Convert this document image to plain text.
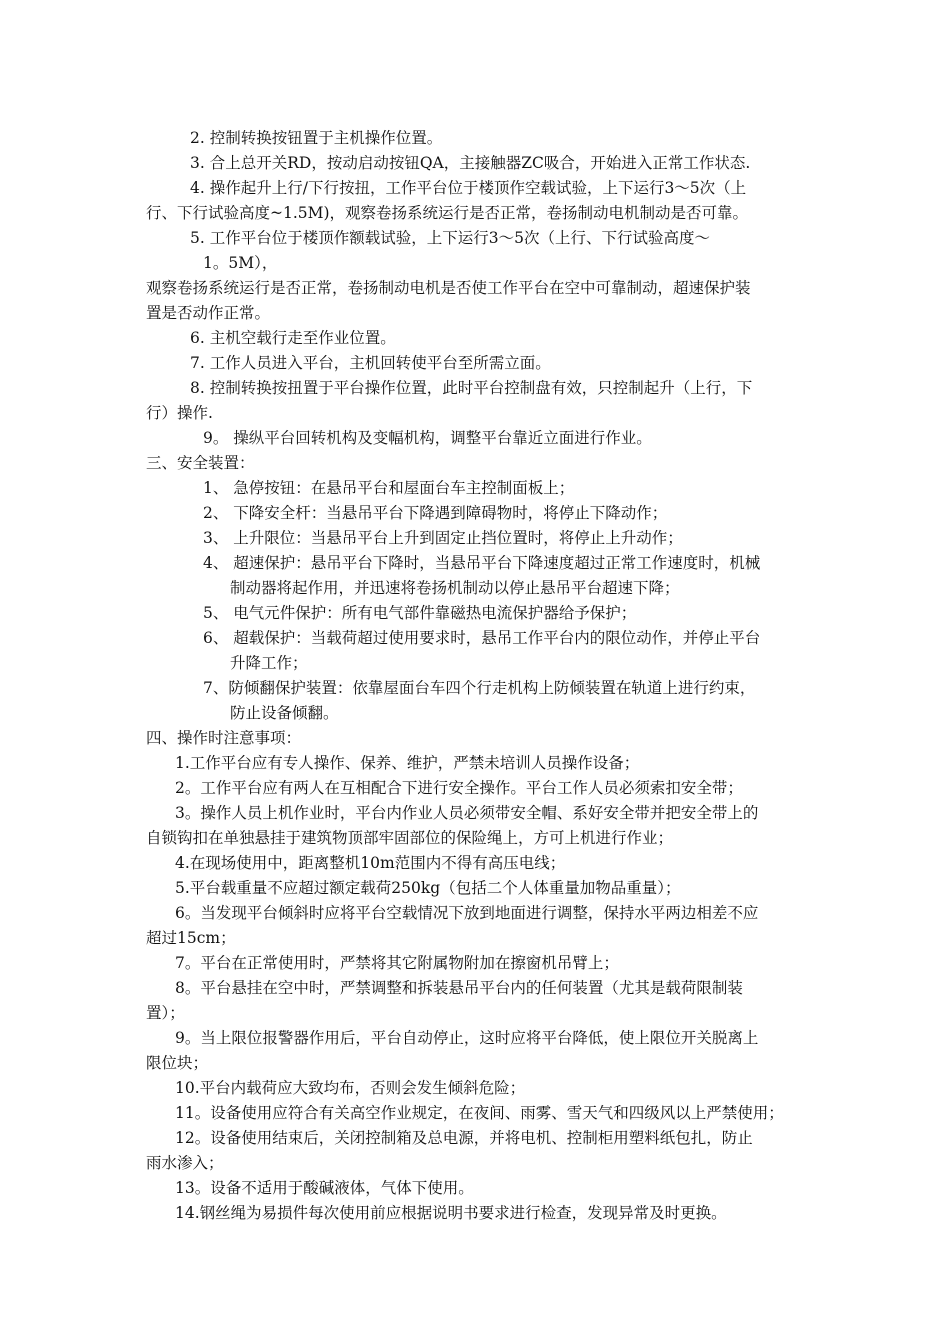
2. 控制转换按钮置于主机操作位置。

3. 合上总开关RD，按动启动按钮QA，主接触器ZC吸合，开始进入正常工作状态.

4. 操作起升上行/下行按扭，工作平台位于楼顶作空载试验，上下运行3～5次（上

行、下行试验高度~1.5M)，观察卷扬系统运行是否正常，卷扬制动电机制动是否可靠。

5. 工作平台位于楼顶作额载试验，上下运行3～5次（上行、下行试验高度～

1。5M），

观察卷扬系统运行是否正常，卷扬制动电机是否使工作平台在空中可靠制动，超速保护装

置是否动作正常。

6. 主机空载行走至作业位置。

7. 工作人员进入平台，主机回转使平台至所需立面。

8. 控制转换按扭置于平台操作位置，此时平台控制盘有效，只控制起升（上行，下

行）操作.

9。 操纵平台回转机构及变幅机构，调整平台靠近立面进行作业。

三、安全装置：

1、 急停按钮：在悬吊平台和屋面台车主控制面板上；

2、 下降安全杆：当悬吊平台下降遇到障碍物时，将停止下降动作；

3、 上升限位：当悬吊平台上升到固定止挡位置时，将停止上升动作；

4、 超速保护：悬吊平台下降时，当悬吊平台下降速度超过正常工作速度时，机械

制动器将起作用，并迅速将卷扬机制动以停止悬吊平台超速下降；

5、 电气元件保护：所有电气部件靠磁热电流保护器给予保护；

6、 超载保护：当载荷超过使用要求时，悬吊工作平台内的限位动作，并停止平台

升降工作；

7、防倾翻保护装置：依靠屋面台车四个行走机构上防倾装置在轨道上进行约束，

防止设备倾翻。

四、操作时注意事项：

1.工作平台应有专人操作、保养、维护，严禁未培训人员操作设备；

2。工作平台应有两人在互相配合下进行安全操作。平台工作人员必须索扣安全带；

3。操作人员上机作业时，平台内作业人员必须带安全帽、系好安全带并把安全带上的

自锁钩扣在单独悬挂于建筑物顶部牢固部位的保险绳上，方可上机进行作业；

4.在现场使用中，距离整机10m范围内不得有高压电线；

5.平台载重量不应超过额定载荷250kg（包括二个人体重量加物品重量）；

6。当发现平台倾斜时应将平台空载情况下放到地面进行调整，保持水平两边相差不应

超过15cm；

7。平台在正常使用时，严禁将其它附属物附加在擦窗机吊臂上；

8。平台悬挂在空中时，严禁调整和拆装悬吊平台内的任何装置（尤其是载荷限制装

置）；

9。当上限位报警器作用后，平台自动停止，这时应将平台降低，使上限位开关脱离上

限位块；

10.平台内载荷应大致均布，否则会发生倾斜危险；

11。设备使用应符合有关高空作业规定，在夜间、雨雾、雪天气和四级风以上严禁使用；

12。设备使用结束后，关闭控制箱及总电源，并将电机、控制柜用塑料纸包扎，防止

雨水渗入；

13。设备不适用于酸碱液体，气体下使用。

14.钢丝绳为易损件每次使用前应根据说明书要求进行检查，发现异常及时更换。
